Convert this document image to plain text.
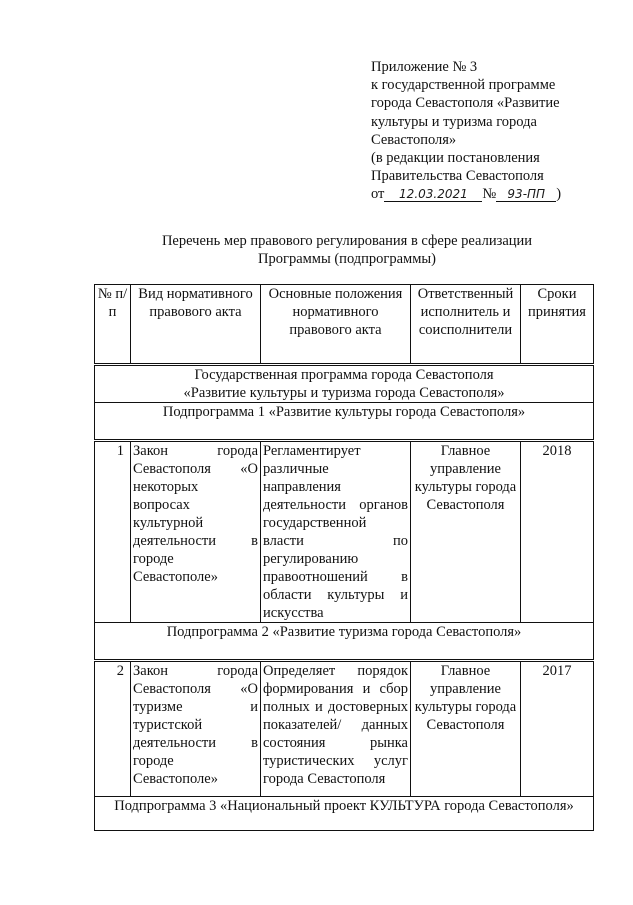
Приложение № 3
к государственной программе
города Севастополя «Развитие
культуры и туризма города
Севастополя»
(в редакции постановления
Правительства Севастополя
от 12.03.2021 № 93-ПП )
Перечень мер правового регулирования в сфере реализации
Программы (подпрограммы)
№ п/п	Вид нормативного правового акта	Основные положения нормативного правового акта	Ответственный исполнитель и соисполнители	Сроки принятия

Государственная программа города Севастополя
«Развитие культуры и туризма города Севастополя»				

Подпрограмма 1 «Развитие культуры города Севастополя»				
1	Закон города Севастополя «О некоторых вопросах культурной деятельности в городе Севастополе»	Регламентирует различные направления деятельности органов государственной власти по регулированию правоотношений в области культуры и искусства	Главное управление культуры города Севастополя	2018
Подпрограмма 2 «Развитие туризма города Севастополя»				
2	Закон города Севастополя «О туризме и туристской деятельности в городе Севастополе»	Определяет порядок формирования и сбор полных и достоверных показателей/ данных состояния рынка туристических услуг города Севастополя	Главное управление культуры города Севастополя	2017
Подпрограмма 3 «Национальный проект КУЛЬТУРА города Севастополя»				
